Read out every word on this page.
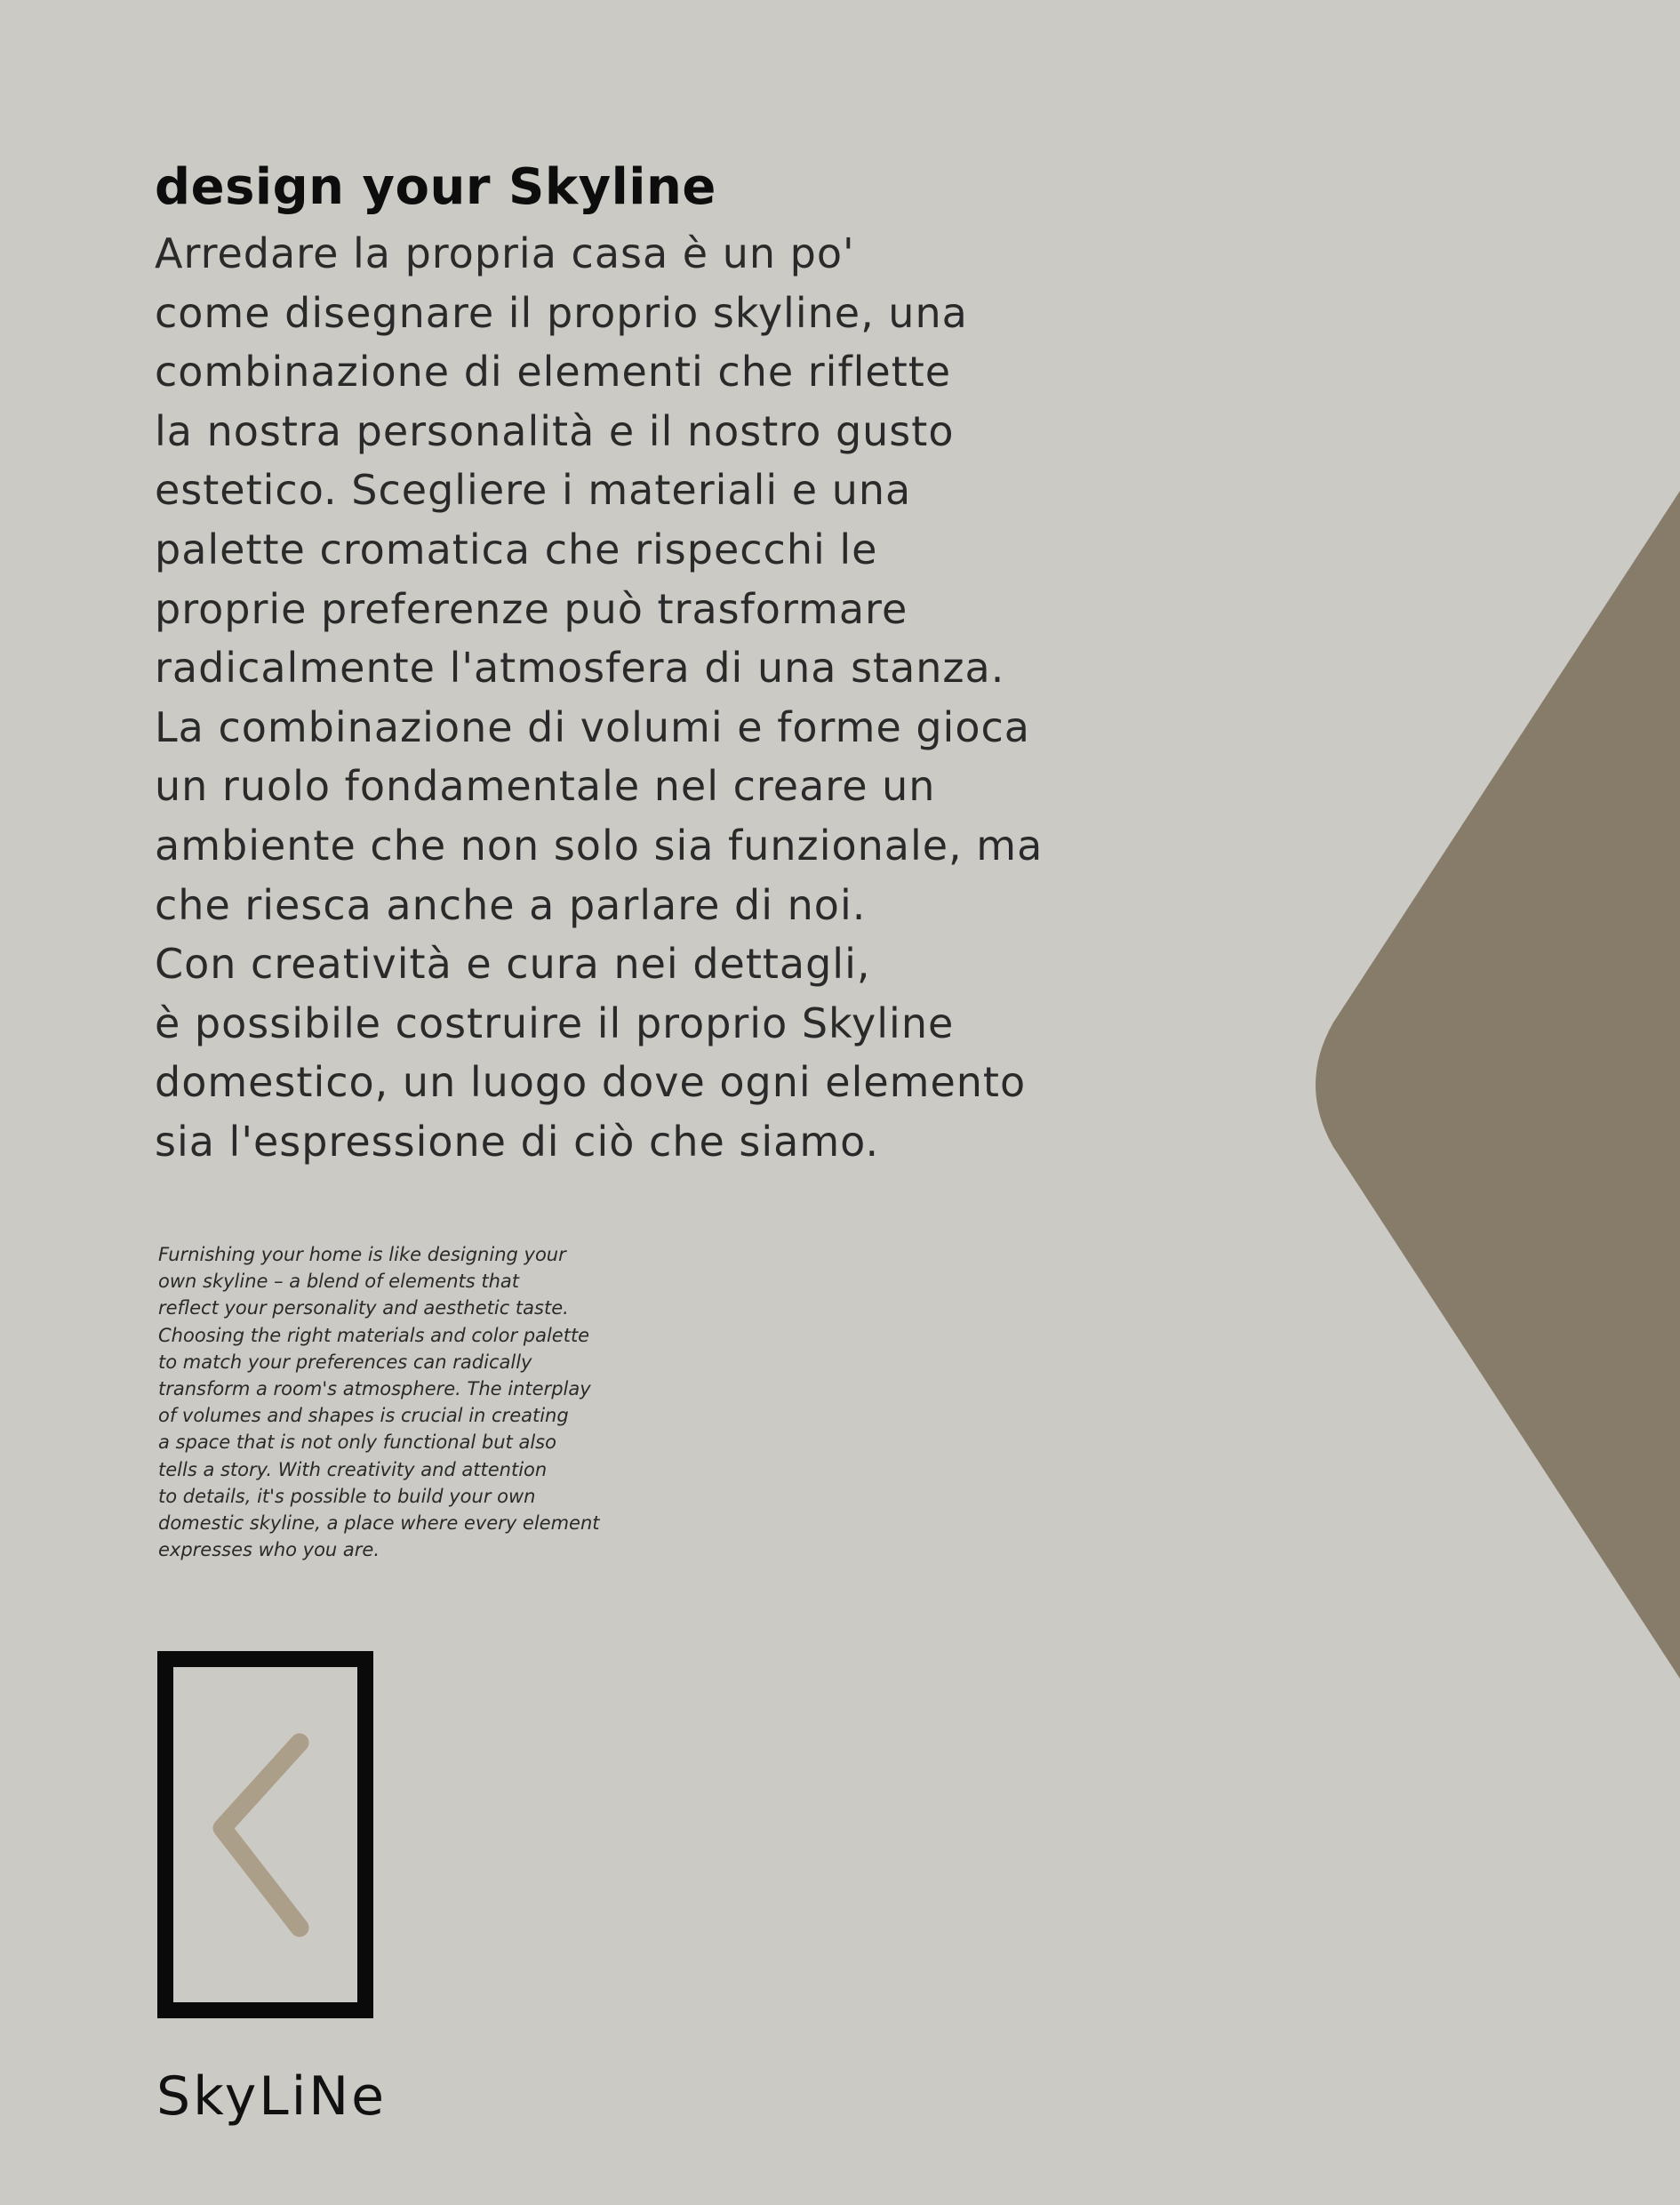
design your Skyline
Arredare la propria casa è un po'
come disegnare il proprio skyline, una
combinazione di elementi che riflette
la nostra personalità e il nostro gusto
estetico. Scegliere i materiali e una
palette cromatica che rispecchi le
proprie preferenze può trasformare
radicalmente l'atmosfera di una stanza.
La combinazione di volumi e forme gioca
un ruolo fondamentale nel creare un
ambiente che non solo sia funzionale, ma
che riesca anche a parlare di noi.
Con creatività e cura nei dettagli,
è possibile costruire il proprio Skyline
domestico, un luogo dove ogni elemento
sia l'espressione di ciò che siamo.
Furnishing your home is like designing your
own skyline – a blend of elements that
reflect your personality and aesthetic taste.
Choosing the right materials and color palette
to match your preferences can radically
transform a room's atmosphere. The interplay
of volumes and shapes is crucial in creating
a space that is not only functional but also
tells a story. With creativity and attention
to details, it's possible to build your own
domestic skyline, a place where every element
expresses who you are.
SkyLiNe
